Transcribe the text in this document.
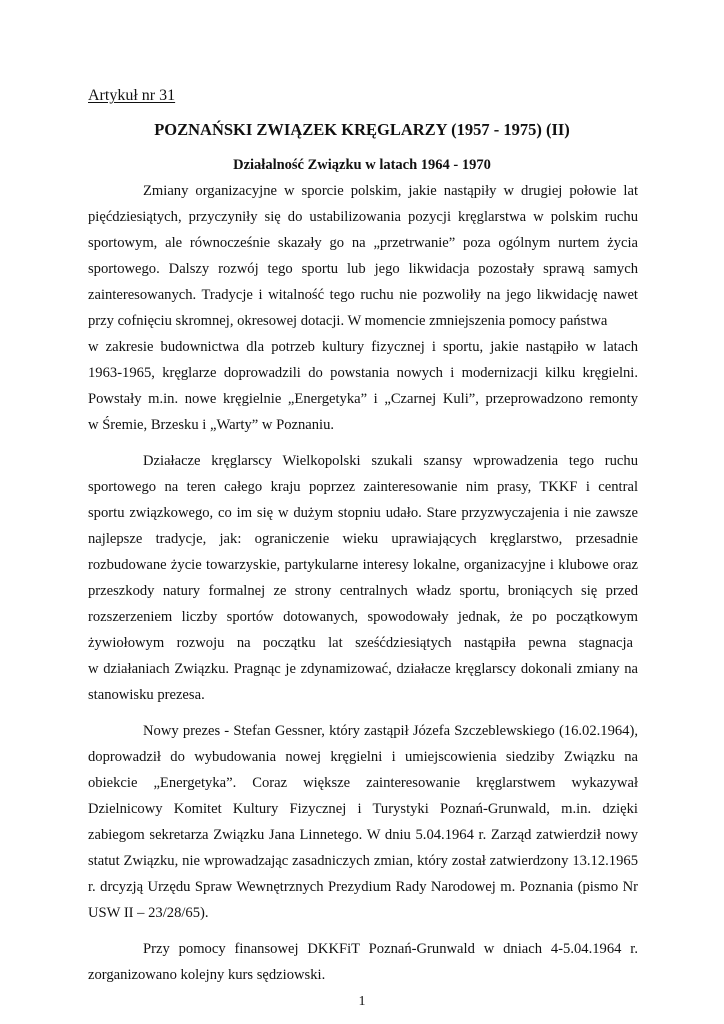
Artykuł nr 31
POZNAŃSKI ZWIĄZEK KRĘGLARZY (1957 - 1975) (II)
Działalność Związku w latach 1964 - 1970
Zmiany organizacyjne w sporcie polskim, jakie nastąpiły w drugiej połowie lat
pięćdziesiątych, przyczyniły się do ustabilizowania pozycji kręglarstwa w polskim ruchu
sportowym, ale równocześnie skazały go na „przetrwanie” poza ogólnym nurtem życia
sportowego. Dalszy rozwój tego sportu lub jego likwidacja pozostały sprawą samych
zainteresowanych. Tradycje i witalność tego ruchu nie pozwoliły na jego likwidację nawet
przy cofnięciu skromnej, okresowej dotacji. W momencie zmniejszenia pomocy państwa
w zakresie budownictwa dla potrzeb kultury fizycznej i sportu, jakie nastąpiło w latach
1963-1965, kręglarze doprowadzili do powstania nowych i modernizacji kilku kręgielni.
Powstały m.in. nowe kręgielnie „Energetyka” i „Czarnej Kuli”, przeprowadzono remonty
w Śremie, Brzesku i „Warty” w Poznaniu.
Działacze kręglarscy Wielkopolski szukali szansy wprowadzenia tego ruchu
sportowego na teren całego kraju poprzez zainteresowanie nim prasy, TKKF i central
sportu związkowego, co im się w dużym stopniu udało. Stare przyzwyczajenia i nie zawsze
najlepsze tradycje, jak: ograniczenie wieku uprawiających kręglarstwo, przesadnie
rozbudowane życie towarzyskie, partykularne interesy lokalne, organizacyjne i klubowe oraz
przeszkody natury formalnej ze strony centralnych władz sportu, broniących się przed
rozszerzeniem liczby sportów dotowanych, spowodowały jednak, że po początkowym
żywiołowym rozwoju na początku lat sześćdziesiątych nastąpiła pewna stagnacja
w działaniach Związku. Pragnąc je zdynamizować, działacze kręglarscy dokonali zmiany na
stanowisku prezesa.
Nowy prezes - Stefan Gessner, który zastąpił Józefa Szczeblewskiego (16.02.1964),
doprowadził do wybudowania nowej kręgielni i umiejscowienia siedziby Związku na
obiekcie „Energetyka”. Coraz większe zainteresowanie kręglarstwem wykazywał
Dzielnicowy Komitet Kultury Fizycznej i Turystyki Poznań-Grunwald, m.in. dzięki
zabiegom sekretarza Związku Jana Linnetego. W dniu 5.04.1964 r. Zarząd zatwierdził nowy
statut Związku, nie wprowadzając zasadniczych zmian, który został zatwierdzony 13.12.1965
r. drcyzją Urzędu Spraw Wewnętrznych Prezydium Rady Narodowej m. Poznania (pismo Nr
USW II – 23/28/65).
Przy pomocy finansowej DKKFiT Poznań-Grunwald w dniach 4-5.04.1964 r.
zorganizowano kolejny kurs sędziowski.
1
